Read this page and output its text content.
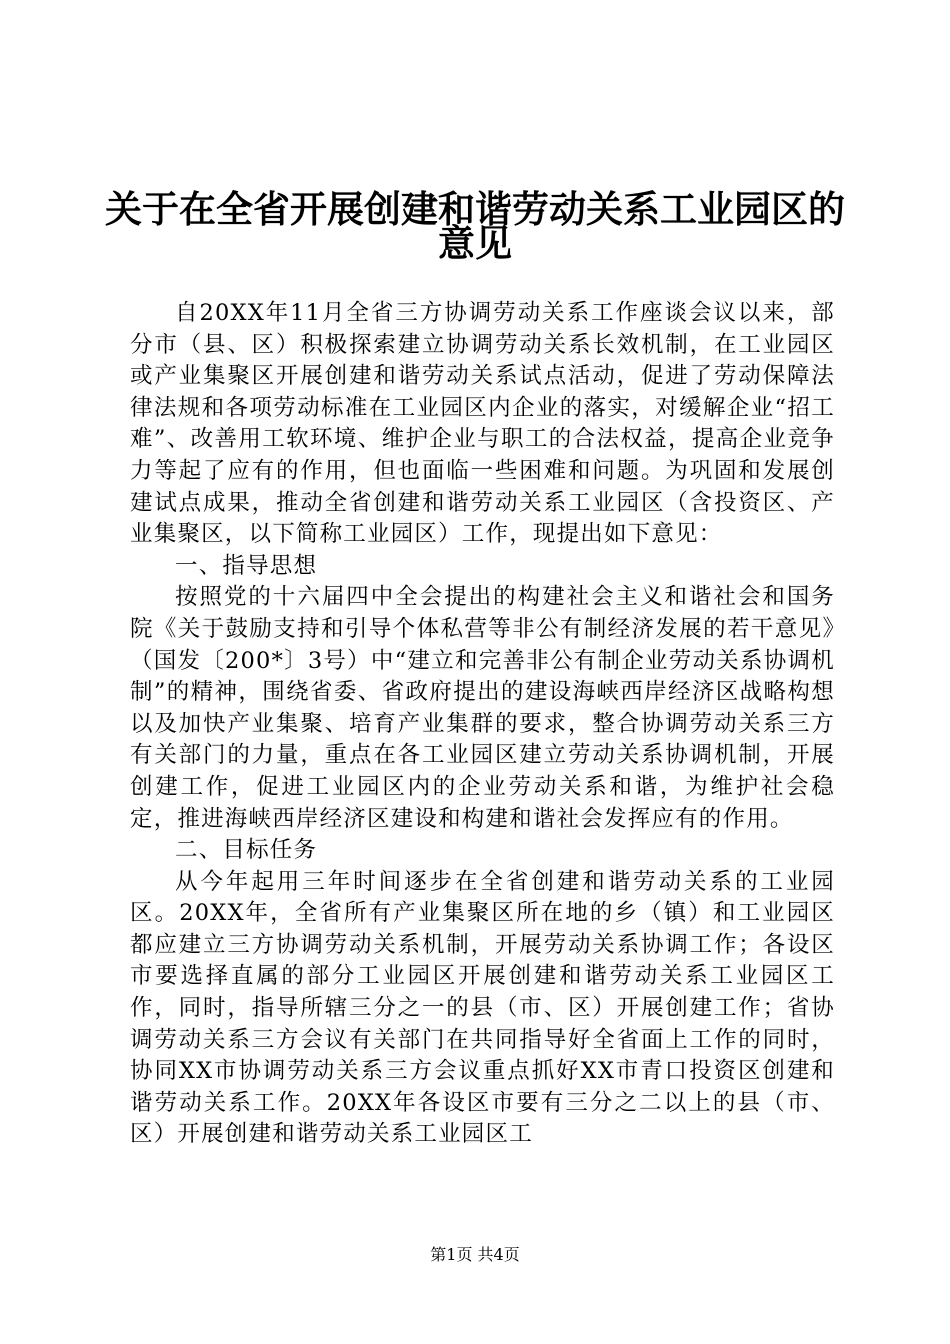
关于在全省开展创建和谐劳动关系工业园区的
意见

自20XX年11月全省三方协调劳动关系工作座谈会议以来，部分市（县、区）积极探索建立协调劳动关系长效机制，在工业园区或产业集聚区开展创建和谐劳动关系试点活动，促进了劳动保障法律法规和各项劳动标准在工业园区内企业的落实，对缓解企业“招工难”、改善用工软环境、维护企业与职工的合法权益，提高企业竞争力等起了应有的作用，但也面临一些困难和问题。为巩固和发展创建试点成果，推动全省创建和谐劳动关系工业园区（含投资区、产业集聚区，以下简称工业园区）工作，现提出如下意见：

一、指导思想

按照党的十六届四中全会提出的构建社会主义和谐社会和国务院《关于鼓励支持和引导个体私营等非公有制经济发展的若干意见》（国发〔200*〕3号）中“建立和完善非公有制企业劳动关系协调机制”的精神，围绕省委、省政府提出的建设海峡西岸经济区战略构想以及加快产业集聚、培育产业集群的要求，整合协调劳动关系三方有关部门的力量，重点在各工业园区建立劳动关系协调机制，开展创建工作，促进工业园区内的企业劳动关系和谐，为维护社会稳定，推进海峡西岸经济区建设和构建和谐社会发挥应有的作用。

二、目标任务

从今年起用三年时间逐步在全省创建和谐劳动关系的工业园区。20XX年，全省所有产业集聚区所在地的乡（镇）和工业园区都应建立三方协调劳动关系机制，开展劳动关系协调工作；各设区市要选择直属的部分工业园区开展创建和谐劳动关系工业园区工作，同时，指导所辖三分之一的县（市、区）开展创建工作；省协调劳动关系三方会议有关部门在共同指导好全省面上工作的同时，协同XX市协调劳动关系三方会议重点抓好XX市青口投资区创建和谐劳动关系工作。20XX年各设区市要有三分之二以上的县（市、区）开展创建和谐劳动关系工业园区工

第1页 共4页
